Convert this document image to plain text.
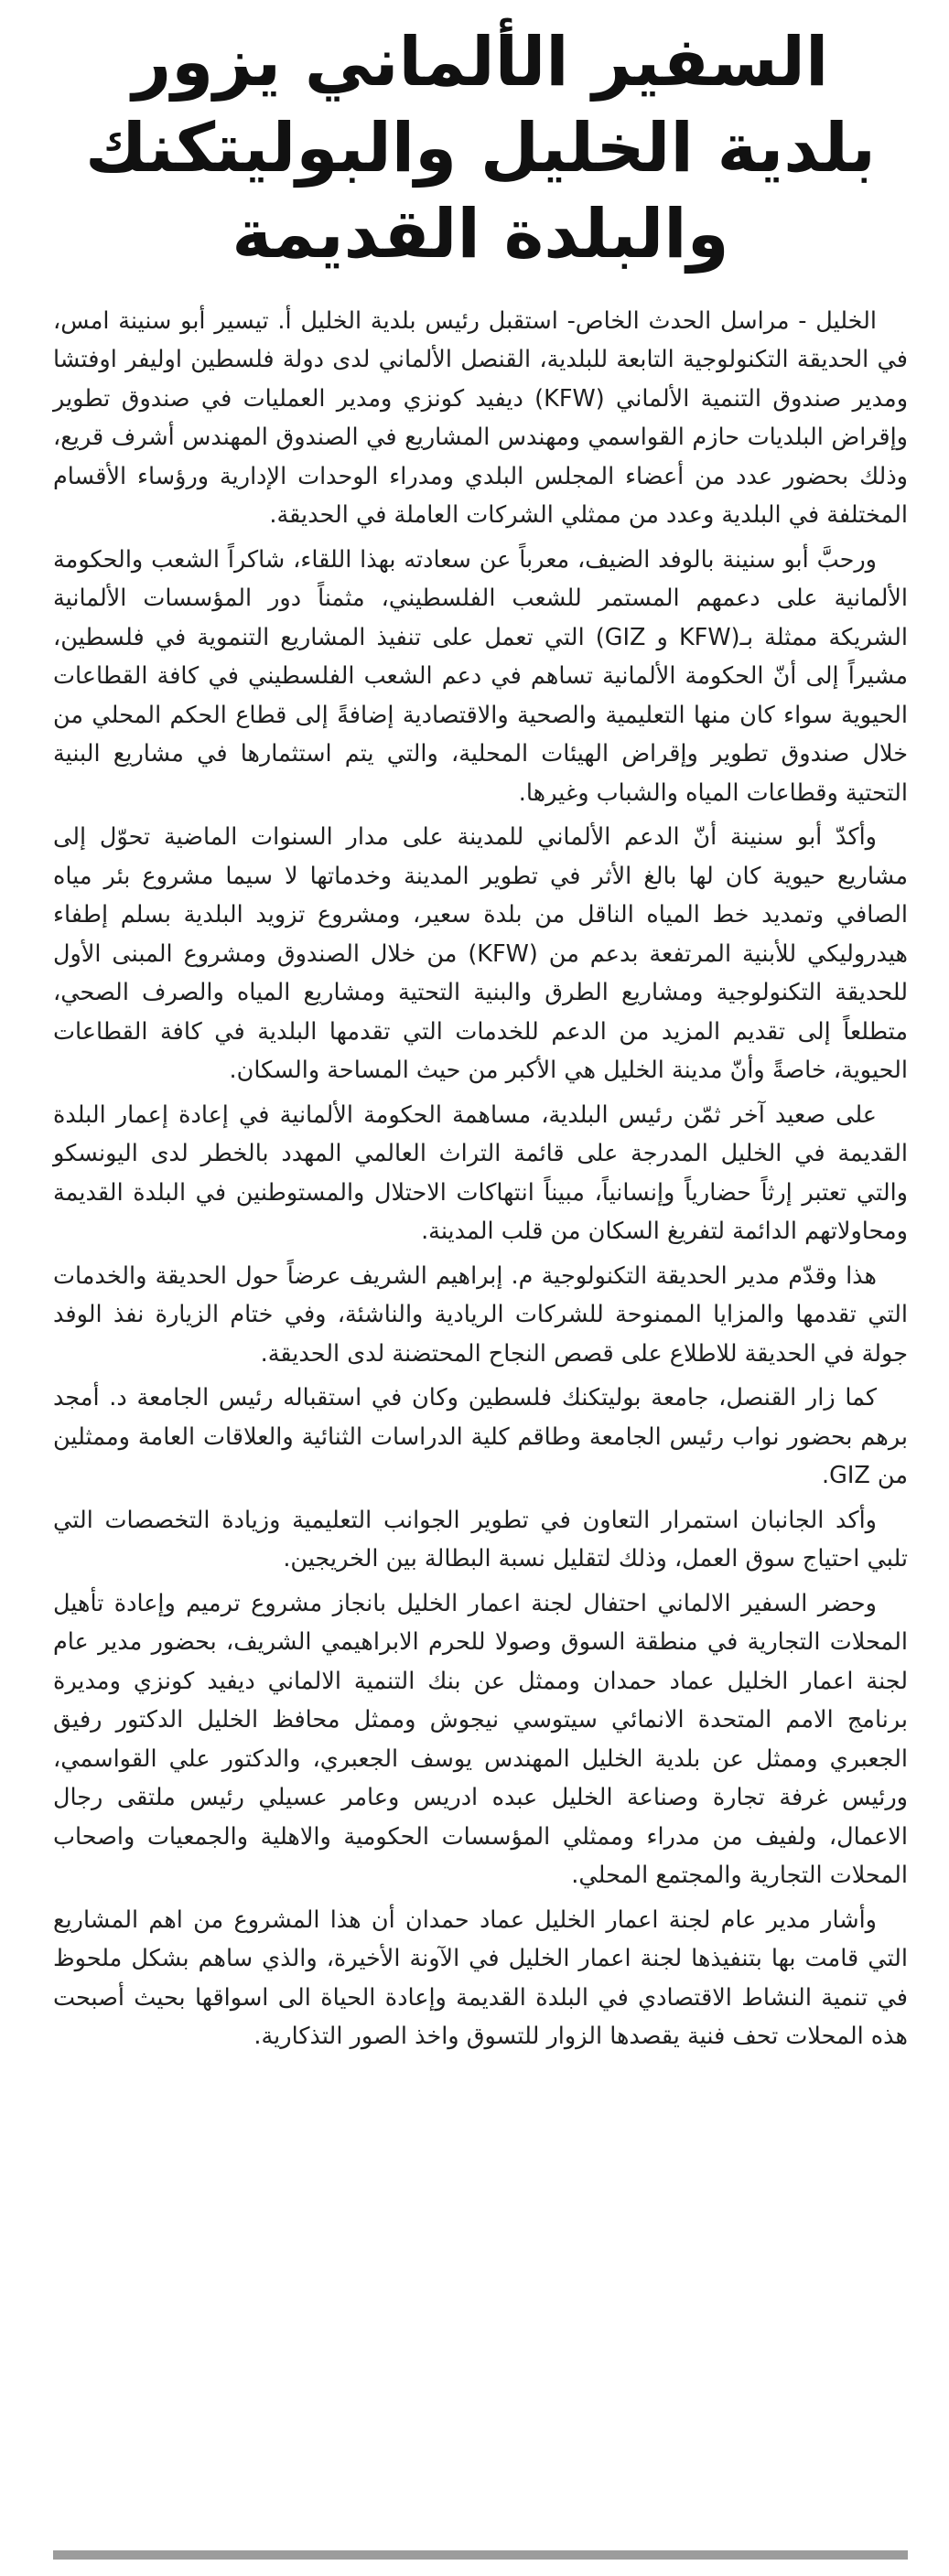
السفير الألماني يزور بلدية الخليل والبوليتكنك والبلدة القديمة

الخليل - مراسل الحدث الخاص- استقبل رئيس بلدية الخليل أ. تيسير أبو سنينة امس، في الحديقة التكنولوجية التابعة للبلدية، القنصل الألماني لدى دولة فلسطين اوليفر اوفتشا ومدير صندوق التنمية الألماني (KFW) ديفيد كونزي ومدير العمليات في صندوق تطوير وإقراض البلديات حازم القواسمي ومهندس المشاريع في الصندوق المهندس أشرف قريع، وذلك بحضور عدد من أعضاء المجلس البلدي ومدراء الوحدات الإدارية ورؤساء الأقسام المختلفة في البلدية وعدد من ممثلي الشركات العاملة في الحديقة.

ورحبَّ أبو سنينة بالوفد الضيف، معرباً عن سعادته بهذا اللقاء، شاكراً الشعب والحكومة الألمانية على دعمهم المستمر للشعب الفلسطيني، مثمناً دور المؤسسات الألمانية الشريكة ممثلة بـ(KFW و GIZ) التي تعمل على تنفيذ المشاريع التنموية في فلسطين، مشيراً إلى أنّ الحكومة الألمانية تساهم في دعم الشعب الفلسطيني في كافة القطاعات الحيوية سواء كان منها التعليمية والصحية والاقتصادية إضافةً إلى قطاع الحكم المحلي من خلال صندوق تطوير وإقراض الهيئات المحلية، والتي يتم استثمارها في مشاريع البنية التحتية وقطاعات المياه والشباب وغيرها.

وأكدّ أبو سنينة أنّ الدعم الألماني للمدينة على مدار السنوات الماضية تحوّل إلى مشاريع حيوية كان لها بالغ الأثر في تطوير المدينة وخدماتها لا سيما مشروع بئر مياه الصافي وتمديد خط المياه الناقل من بلدة سعير، ومشروع تزويد البلدية بسلم إطفاء هيدروليكي للأبنية المرتفعة بدعم من (KFW) من خلال الصندوق ومشروع المبنى الأول للحديقة التكنولوجية ومشاريع الطرق والبنية التحتية ومشاريع المياه والصرف الصحي، متطلعاً إلى تقديم المزيد من الدعم للخدمات التي تقدمها البلدية في كافة القطاعات الحيوية، خاصةً وأنّ مدينة الخليل هي الأكبر من حيث المساحة والسكان.

على صعيد آخر ثمّن رئيس البلدية، مساهمة الحكومة الألمانية في إعادة إعمار البلدة القديمة في الخليل المدرجة على قائمة التراث العالمي المهدد بالخطر لدى اليونسكو والتي تعتبر إرثاً حضارياً وإنسانياً، مبيناً انتهاكات الاحتلال والمستوطنين في البلدة القديمة ومحاولاتهم الدائمة لتفريغ السكان من قلب المدينة.

هذا وقدّم مدير الحديقة التكنولوجية م. إبراهيم الشريف عرضاً حول الحديقة والخدمات التي تقدمها والمزايا الممنوحة للشركات الريادية والناشئة، وفي ختام الزيارة نفذ الوفد جولة في الحديقة للاطلاع على قصص النجاح المحتضنة لدى الحديقة.

كما زار القنصل، جامعة بوليتكنك فلسطين وكان في استقباله رئيس الجامعة د. أمجد برهم بحضور نواب رئيس الجامعة وطاقم كلية الدراسات الثنائية والعلاقات العامة وممثلين من GIZ.

وأكد الجانبان استمرار التعاون في تطوير الجوانب التعليمية وزيادة التخصصات التي تلبي احتياج سوق العمل، وذلك لتقليل نسبة البطالة بين الخريجين.

وحضر السفير الالماني احتفال لجنة اعمار الخليل بانجاز مشروع ترميم وإعادة تأهيل المحلات التجارية في منطقة السوق وصولا للحرم الابراهيمي الشريف، بحضور مدير عام لجنة اعمار الخليل عماد حمدان وممثل عن بنك التنمية الالماني ديفيد كونزي ومديرة برنامج الامم المتحدة الانمائي سيتوسي نيجوش وممثل محافظ الخليل الدكتور رفيق الجعبري وممثل عن بلدية الخليل المهندس يوسف الجعبري، والدكتور علي القواسمي، ورئيس غرفة تجارة وصناعة الخليل عبده ادريس وعامر عسيلي رئيس ملتقى رجال الاعمال، ولفيف من مدراء وممثلي المؤسسات الحكومية والاهلية والجمعيات واصحاب المحلات التجارية والمجتمع المحلي.

وأشار مدير عام لجنة اعمار الخليل عماد حمدان أن هذا المشروع من اهم المشاريع التي قامت بها بتنفيذها لجنة اعمار الخليل في الآونة الأخيرة، والذي ساهم بشكل ملحوظ في تنمية النشاط الاقتصادي في البلدة القديمة وإعادة الحياة الى اسواقها بحيث أصبحت هذه المحلات تحف فنية يقصدها الزوار للتسوق واخذ الصور التذكارية.
